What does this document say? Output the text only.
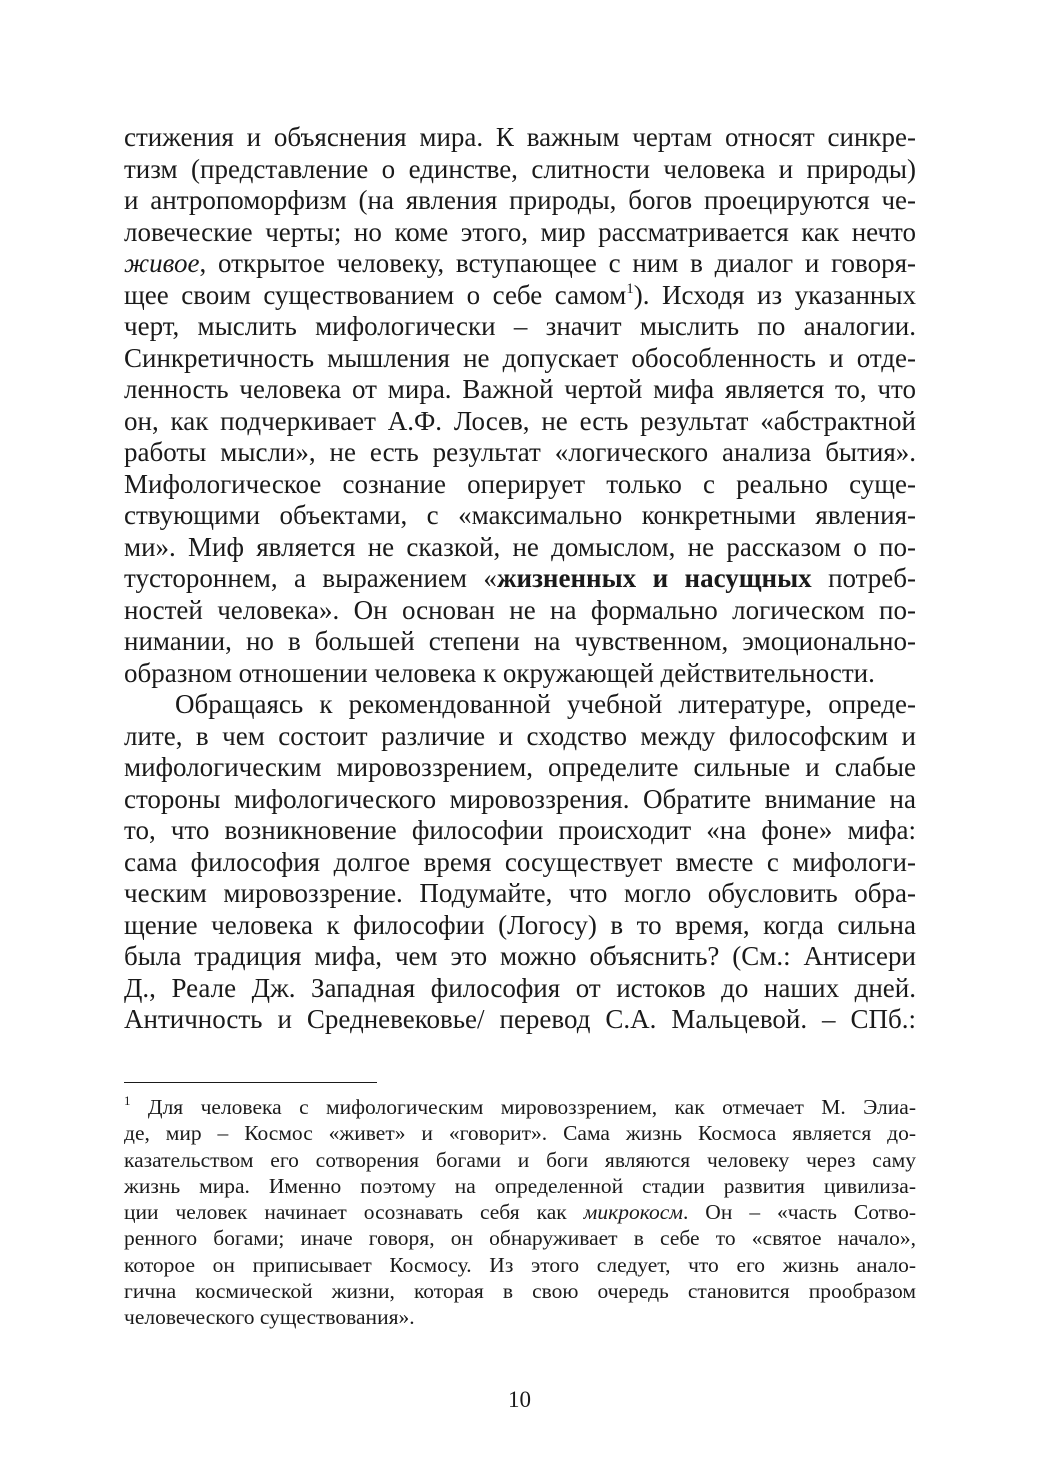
стижения и объяснения мира. К важным чертам относят синкре-
тизм (представление о единстве, слитности человека и природы)
и антропоморфизм (на явления природы, богов проецируются че-
ловеческие черты; но коме этого, мир рассматривается как нечто
живое, открытое человеку, вступающее с ним в диалог и говоря-
щее своим существованием о себе самом$^1$). Исходя из указанных
черт, мыслить мифологически – значит мыслить по аналогии.
Синкретичность мышления не допускает обособленность и отде-
ленность человека от мира. Важной чертой мифа является то, что
он, как подчеркивает А.Ф. Лосев, не есть результат «абстрактной
работы мысли», не есть результат «логического анализа бытия».
Мифологическое сознание оперирует только с реально суще-
ствующими объектами, с «максимально конкретными явления-
ми». Миф является не сказкой, не домыслом, не рассказом о по-
тустороннем, а выражением «жизненных и насущных потреб-
ностей человека». Он основан не на формально логическом по-
нимании, но в большей степени на чувственном, эмоционально-
образном отношении человека к окружающей действительности.
Обращаясь к рекомендованной учебной литературе, опреде-
лите, в чем состоит различие и сходство между философским и
мифологическим мировоззрением, определите сильные и слабые
стороны мифологического мировоззрения. Обратите внимание на
то, что возникновение философии происходит «на фоне» мифа:
сама философия долгое время сосуществует вместе с мифологи-
ческим мировоззрение. Подумайте, что могло обусловить обра-
щение человека к философии (Логосу) в то время, когда сильна
была традиция мифа, чем это можно объяснить? (См.: Антисери
Д., Реале Дж. Западная философия от истоков до наших дней.
Античность и Средневековье/ перевод С.А. Мальцевой. – СПб.:
$^1$ Для человека с мифологическим мировоззрением, как отмечает М. Элиа-
де, мир – Космос «живет» и «говорит». Сама жизнь Космоса является до-
казательством его сотворения богами и боги являются человеку через саму
жизнь мира. Именно поэтому на определенной стадии развития цивилиза-
ции человек начинает осознавать себя как микрокосм. Он – «часть Сотво-
ренного богами; иначе говоря, он обнаруживает в себе то «святое начало»,
которое он приписывает Космосу. Из этого следует, что его жизнь анало-
гична космической жизни, которая в свою очередь становится прообразом
человеческого существования».
10
